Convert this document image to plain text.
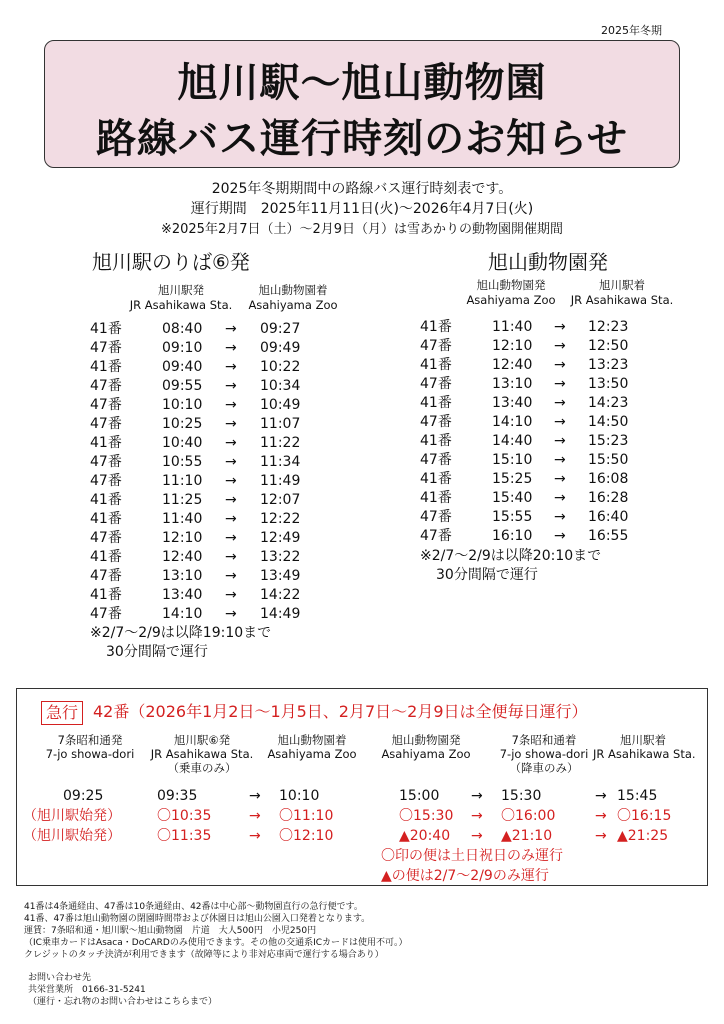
2025年冬期
旭川駅〜旭山動物園
路線バス運行時刻のお知らせ
2025年冬期期間中の路線バス運行時刻表です。
運行期間　2025年11月11日(火)〜2026年4月7日(火)
※2025年2月7日（土）〜2月9日（月）は雪あかりの動物園開催期間
旭川駅のりば⑥発
旭川駅発
JR Asahikawa Sta.
旭山動物園着
Asahiyama Zoo
41番	08:40 → 09:27
47番	09:10 → 09:49
41番	09:40 → 10:22
47番	09:55 → 10:34
47番	10:10 → 10:49
47番	10:25 → 11:07
41番	10:40 → 11:22
47番	10:55 → 11:34
47番	11:10 → 11:49
41番	11:25 → 12:07
41番	11:40 → 12:22
47番	12:10 → 12:49
41番	12:40 → 13:22
47番	13:10 → 13:49
41番	13:40 → 14:22
47番	14:10 → 14:49
※2/7〜2/9は以降19:10まで
30分間隔で運行
旭山動物園発
旭山動物園発
Asahiyama Zoo
旭川駅着
JR Asahikawa Sta.
41番	11:40 → 12:23
47番	12:10 → 12:50
41番	12:40 → 13:23
47番	13:10 → 13:50
41番	13:40 → 14:23
47番	14:10 → 14:50
41番	14:40 → 15:23
47番	15:10 → 15:50
41番	15:25 → 16:08
41番	15:40 → 16:28
47番	15:55 → 16:40
47番	16:10 → 16:55
※2/7〜2/9は以降20:10まで
30分間隔で運行
急行 42番（2026年1月2日〜1月5日、2月7日〜2月9日は全便毎日運行）
7条昭和通発
7-jo showa-dori
旭川駅⑥発
JR Asahikawa Sta.
（乗車のみ）
旭山動物園着
Asahiyama Zoo
旭山動物園発
Asahiyama Zoo
7条昭和通着
7-jo showa-dori
（降車のみ）
旭川駅着
JR Asahikawa Sta.
09:25	09:35	→ 10:10	15:00 → 15:30	→ 15:45
（旭川駅始発）	〇10:35	→ 〇11:10	〇15:30 → 〇16:00	→ 〇16:15
（旭川駅始発）	〇11:35	→ 〇12:10	▲20:40 → ▲21:10	→ ▲21:25
〇印の便は土日祝日のみ運行
▲の便は2/7〜2/9のみ運行
41番は4条通経由、47番は10条通経由、42番は中心部〜動物園直行の急行便です。
41番、47番は旭山動物園の閉園時間帯および休園日は旭山公園入口発着となります。
運賃：7条昭和通・旭川駅〜旭山動物園　片道　大人500円　小児250円
（IC乗車カードはAsaca・DoCARDのみ使用できます。その他の交通系ICカードは使用不可。）
クレジットのタッチ決済が利用できます（故障等により非対応車両で運行する場合あり）
お問い合わせ先
共栄営業所　0166-31-5241
（運行・忘れ物のお問い合わせはこちらまで）
